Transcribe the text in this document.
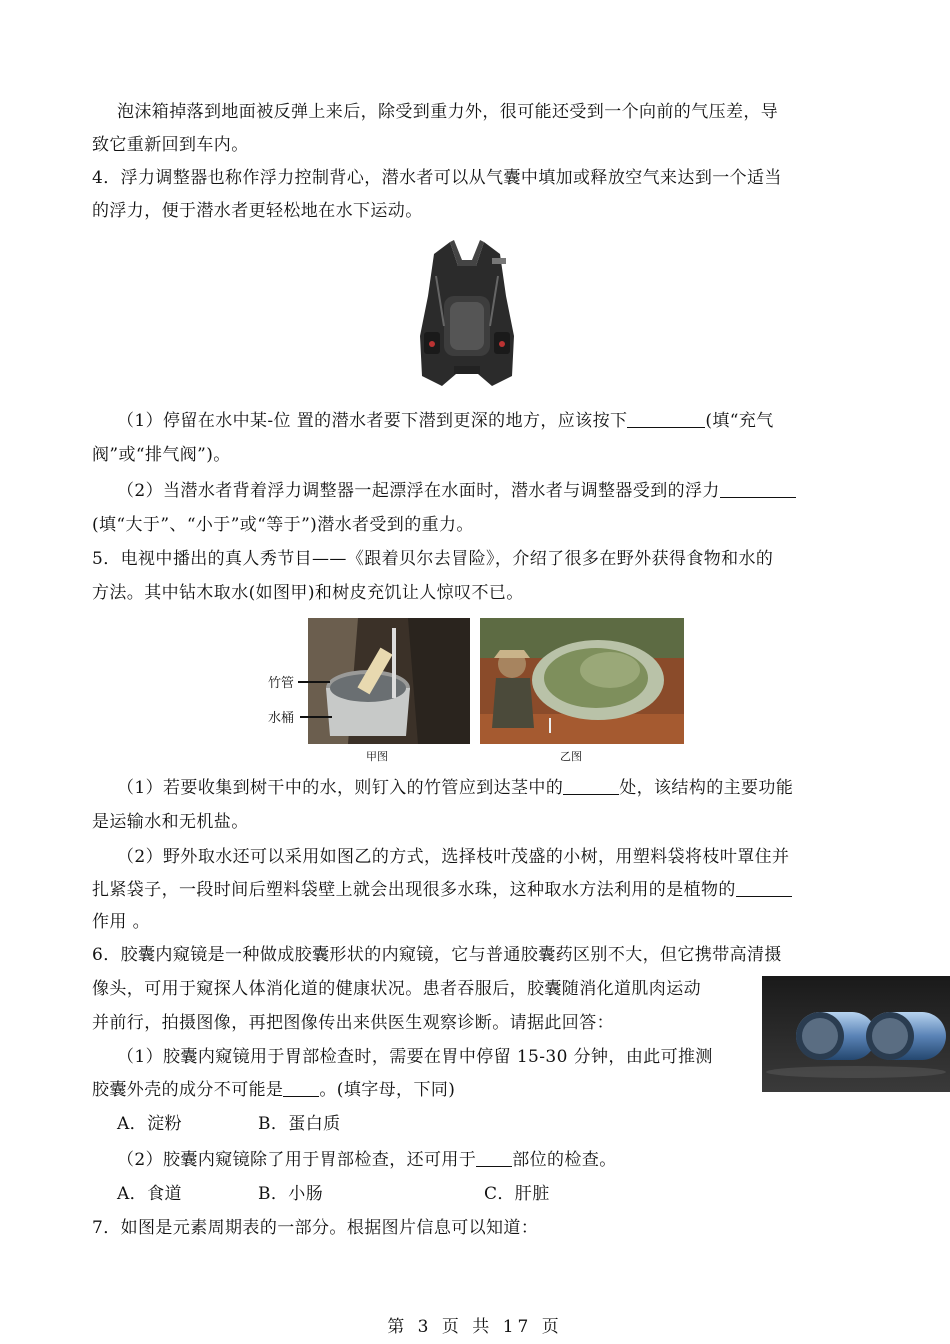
泡沫箱掉落到地面被反弹上来后，除受到重力外，很可能还受到一个向前的气压差，导
致它重新回到车内。
4．浮力调整器也称作浮力控制背心，潜水者可以从气囊中填加或释放空气来达到一个适当
的浮力，便于潜水者更轻松地在水下运动。
（1）停留在水中某-位 置的潜水者要下潜到更深的地方，应该按下	(填“充气
阀”或“排气阀”)。
（2）当潜水者背着浮力调整器一起漂浮在水面时，潜水者与调整器受到的浮力
(填“大于”、“小于”或“等于”)潜水者受到的重力。
5．电视中播出的真人秀节目——《跟着贝尔去冒险》，介绍了很多在野外获得食物和水的
方法。其中钻木取水(如图甲)和树皮充饥让人惊叹不已。
竹管
水桶
甲图	乙图
（1）若要收集到树干中的水，则钉入的竹管应到达茎中的	处，该结构的主要功能
是运输水和无机盐。
（2）野外取水还可以采用如图乙的方式，选择枝叶茂盛的小树，用塑料袋将枝叶罩住并
扎紧袋子，一段时间后塑料袋壁上就会出现很多水珠，这种取水方法利用的是植物的
作用 。
6．胶囊内窥镜是一种做成胶囊形状的内窥镜，它与普通胶囊药区别不大，但它携带高清摄
像头，可用于窥探人体消化道的健康状况。患者吞服后，胶囊随消化道肌肉运动
并前行，拍摄图像，再把图像传出来供医生观察诊断。请据此回答：
（1）胶囊内窥镜用于胃部检查时，需要在胃中停留 15-30 分钟，由此可推测
胶囊外壳的成分不可能是 。(填字母，下同)
A．淀粉	B．蛋白质
（2）胶囊内窥镜除了用于胃部检查，还可用于 部位的检查。
A．食道	B．小肠	C．肝脏
7．如图是元素周期表的一部分。根据图片信息可以知道：
第 3 页 共 17 页
